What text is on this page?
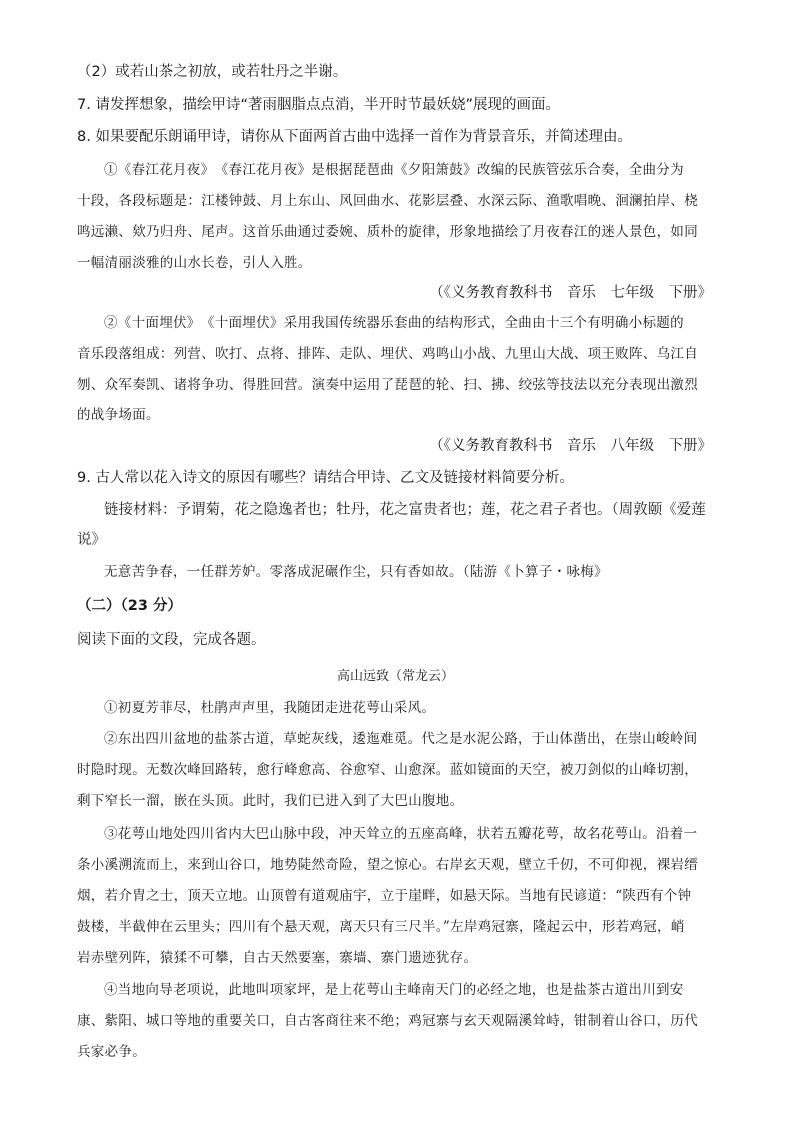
（2）或若山茶之初放，或若牡丹之半谢。
7. 请发挥想象，描绘甲诗“著雨胭脂点点消，半开时节最妖娆”展现的画面。
8. 如果要配乐朗诵甲诗，请你从下面两首古曲中选择一首作为背景音乐，并简述理由。
①《春江花月夜》　《春江花月夜》是根据琵琶曲《夕阳箫鼓》改编的民族管弦乐合奏，全曲分为
十段，各段标题是：江楼钟鼓、月上东山、风回曲水、花影层叠、水深云际、渔歌唱晚、洄澜拍岸、桡
鸣远濑、欸乃归舟、尾声。这首乐曲通过委婉、质朴的旋律，形象地描绘了月夜春江的迷人景色，如同
一幅清丽淡雅的山水长卷，引人入胜。
（《义务教育教科书　音乐　七年级　下册》
②《十面埋伏》　《十面埋伏》采用我国传统器乐套曲的结构形式，全曲由十三个有明确小标题的
音乐段落组成：列营、吹打、点将、排阵、走队、埋伏、鸡鸣山小战、九里山大战、项王败阵、乌江自
刎、众军奏凯、诸将争功、得胜回营。演奏中运用了琵琶的轮、扫、拂、绞弦等技法以充分表现出激烈
的战争场面。
（《义务教育教科书　音乐　八年级　下册》
9. 古人常以花入诗文的原因有哪些？请结合甲诗、乙文及链接材料简要分析。
链接材料：予谓菊，花之隐逸者也；牡丹，花之富贵者也；莲，花之君子者也。（周敦颐《爱莲
说》
无意苦争春，一任群芳妒。零落成泥碾作尘，只有香如故。（陆游《卜算子・咏梅》
（二）（23 分）
阅读下面的文段，完成各题。
高山远致（常龙云）
①初夏芳菲尽，杜鹃声声里，我随团走进花萼山采风。
②东出四川盆地的盐茶古道，草蛇灰线，逶迤难觅。代之是水泥公路，于山体凿出，在崇山峻岭间
时隐时现。无数次峰回路转，愈行峰愈高、谷愈窄、山愈深。蓝如镜面的天空，被刀剑似的山峰切割，
剩下窄长一溜，嵌在头顶。此时，我们已进入到了大巴山腹地。
③花萼山地处四川省内大巴山脉中段，冲天耸立的五座高峰，状若五瓣花萼，故名花萼山。沿着一
条小溪溯流而上，来到山谷口，地势陡然奇险，望之惊心。右岸玄天观，壁立千仞，不可仰视，裸岩缙
烟，若介胄之士，顶天立地。山顶曾有道观庙宇，立于崖畔，如悬天际。当地有民谚道：“陕西有个钟
鼓楼，半截伸在云里头；四川有个悬天观，离天只有三尺半。”左岸鸡冠寨，隆起云中，形若鸡冠，峭
岩赤壁列阵，猿猱不可攀，自古天然要塞，寨墙、寨门遗迹犹存。
④当地向导老项说，此地叫项家坪，是上花萼山主峰南天门的必经之地，也是盐茶古道出川到安
康、紫阳、城口等地的重要关口，自古客商往来不绝；鸡冠寨与玄天观隔溪耸峙，钳制着山谷口，历代
兵家必争。
